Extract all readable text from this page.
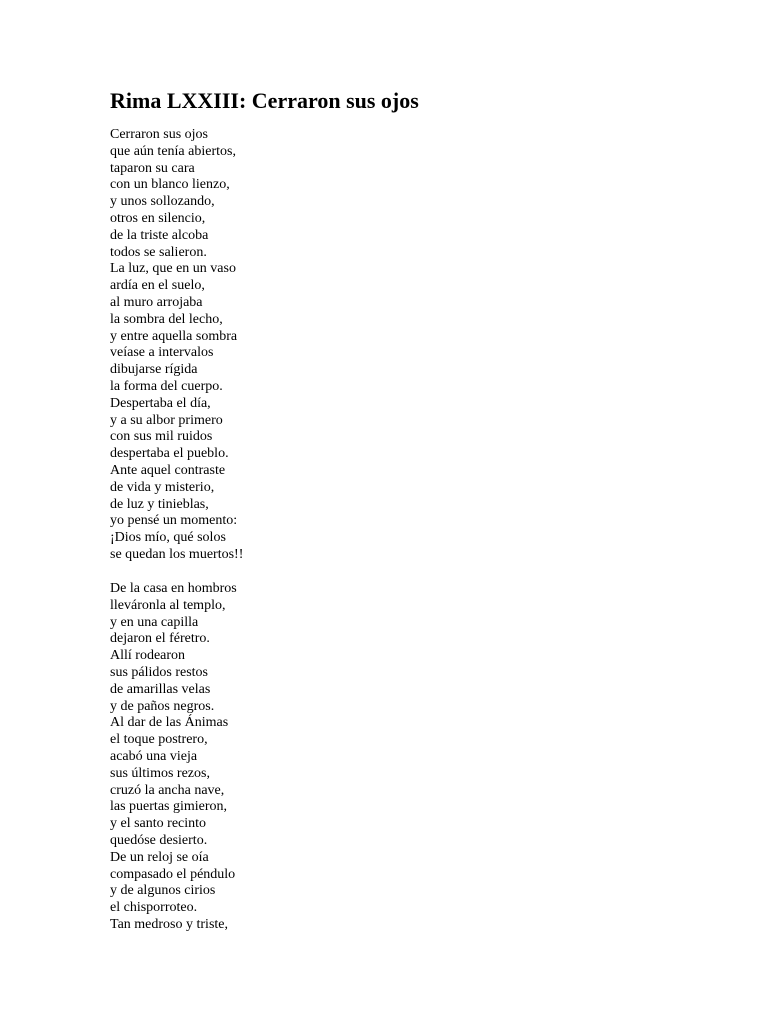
Rima LXXIII: Cerraron sus ojos
Cerraron sus ojos
que aún tenía abiertos,
taparon su cara
con un blanco lienzo,
y unos sollozando,
otros en silencio,
de la triste alcoba
todos se salieron.
La luz, que en un vaso
ardía en el suelo,
al muro arrojaba
la sombra del lecho,
y entre aquella sombra
veíase a intervalos
dibujarse rígida
la forma del cuerpo.
Despertaba el día,
y a su albor primero
con sus mil ruidos
despertaba el pueblo.
Ante aquel contraste
de vida y misterio,
de luz y tinieblas,
yo pensé un momento:
¡Dios mío, qué solos
se quedan los muertos!!
De la casa en hombros
lleváronla al templo,
y en una capilla
dejaron el féretro.
Allí rodearon
sus pálidos restos
de amarillas velas
y de paños negros.
Al dar de las Ánimas
el toque postrero,
acabó una vieja
sus últimos rezos,
cruzó la ancha nave,
las puertas gimieron,
y el santo recinto
quedóse desierto.
De un reloj se oía
compasado el péndulo
y de algunos cirios
el chisporroteo.
Tan medroso y triste,
